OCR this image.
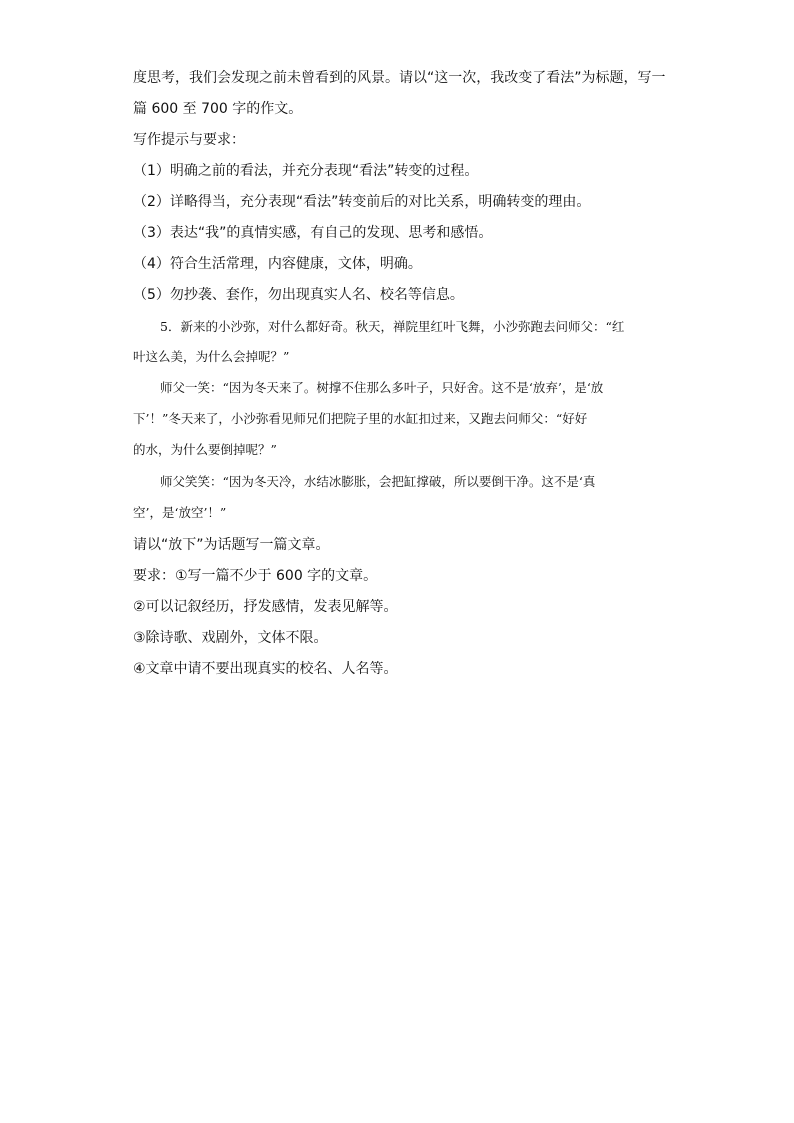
度思考，我们会发现之前未曾看到的风景。请以“这一次，我改变了看法”为标题，写一
篇 600 至 700 字的作文。
写作提示与要求：
（1）明确之前的看法，并充分表现“看法”转变的过程。
（2）详略得当，充分表现“看法”转变前后的对比关系，明确转变的理由。
（3）表达“我”的真情实感，有自己的发现、思考和感悟。
（4）符合生活常理，内容健康，文体，明确。
（5）勿抄袭、套作，勿出现真实人名、校名等信息。
5．新来的小沙弥，对什么都好奇。秋天，禅院里红叶飞舞，小沙弥跑去问师父：“红
叶这么美，为什么会掉呢？”
师父一笑：“因为冬天来了。树撑不住那么多叶子，只好舍。这不是‘放弃’，是‘放
下’！”冬天来了，小沙弥看见师兄们把院子里的水缸扣过来，又跑去问师父：“好好
的水，为什么要倒掉呢？”
师父笑笑：“因为冬天冷，水结冰膨胀，会把缸撑破，所以要倒干净。这不是‘真
空’，是‘放空’！”
请以“放下”为话题写一篇文章。
要求：①写一篇不少于 600 字的文章。
②可以记叙经历，抒发感情，发表见解等。
③除诗歌、戏剧外，文体不限。
④文章中请不要出现真实的校名、人名等。
